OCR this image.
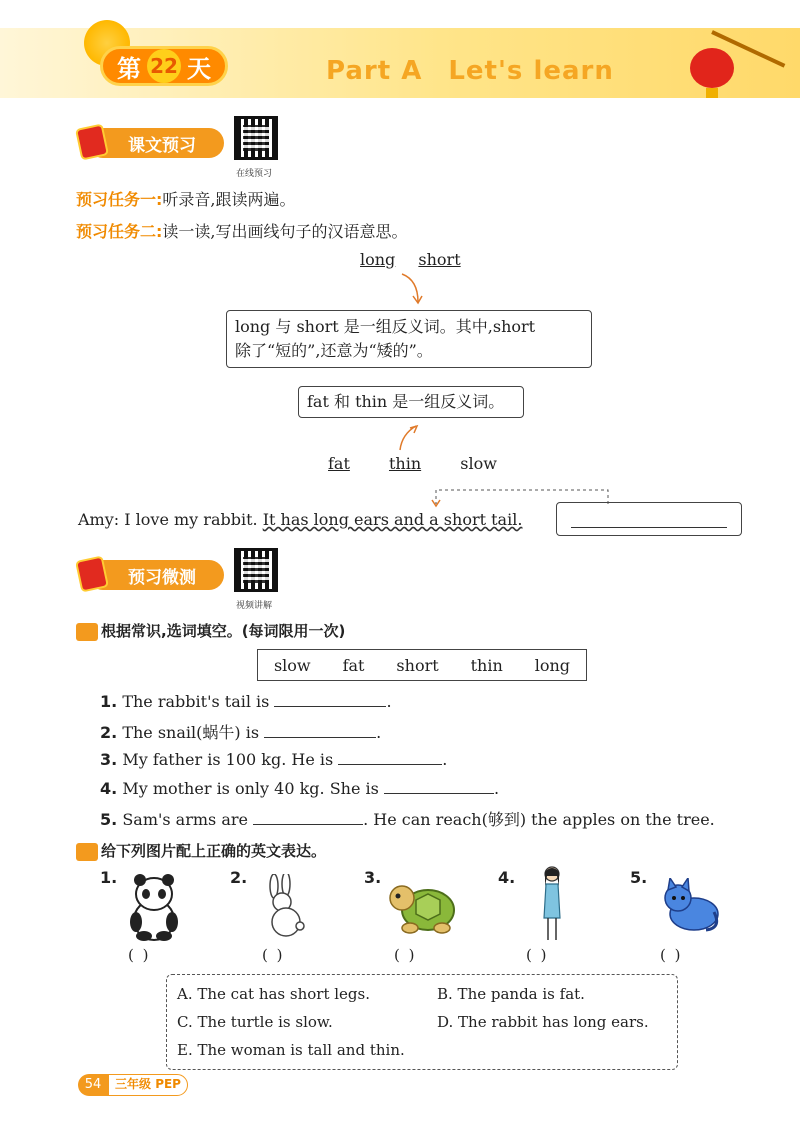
第 22 天	Part A Let's learn
课文预习
在线预习
预习任务一:听录音,跟读两遍。
预习任务二:读一读,写出画线句子的汉语意思。
long short
long 与 short 是一组反义词。其中,short
除了“短的”,还意为“矮的”。
fat 和 thin 是一组反义词。
fat thin slow
Amy: I love my rabbit. It has long ears and a short tail.
预习微测
视频讲解
根据常识,选词填空。(每词限用一次)
slow fat short thin long
1. The rabbit's tail is	.
2. The snail(蜗牛) is	.
3. My father is 100 kg. He is	.
4. My mother is only 40 kg. She is	.
5. Sam's arms are	. He can reach(够到) the apples on the tree.
给下列图片配上正确的英文表达。
1.
( )
2.
( )
3.
( )
4.
( )
5.
( )
A. The cat has short legs.	B. The panda is fat.
C. The turtle is slow.	D. The rabbit has long ears.
E. The woman is tall and thin.
54	三年级 PEP
